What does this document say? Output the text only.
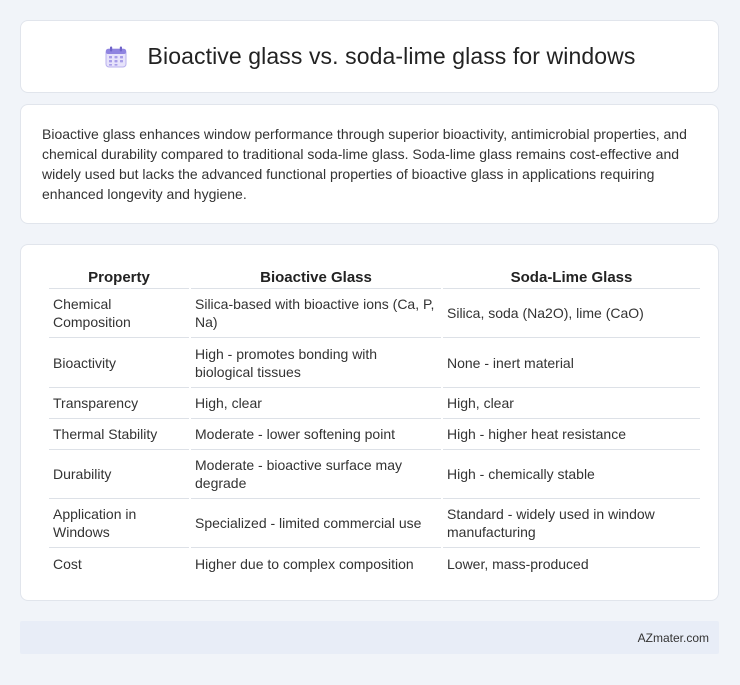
Bioactive glass vs. soda-lime glass for windows

Bioactive glass enhances window performance through superior bioactivity, antimicrobial properties, and chemical durability compared to traditional soda-lime glass. Soda-lime glass remains cost-effective and widely used but lacks the advanced functional properties of bioactive glass in applications requiring enhanced longevity and hygiene.

Property	Bioactive Glass	Soda-Lime Glass
Chemical Composition	Silica-based with bioactive ions (Ca, P, Na)	Silica, soda (Na2O), lime (CaO)
Bioactivity	High - promotes bonding with biological tissues	None - inert material
Transparency	High, clear	High, clear
Thermal Stability	Moderate - lower softening point	High - higher heat resistance
Durability	Moderate - bioactive surface may degrade	High - chemically stable
Application in Windows	Specialized - limited commercial use	Standard - widely used in window manufacturing
Cost	Higher due to complex composition	Lower, mass-produced
AZmater.com
